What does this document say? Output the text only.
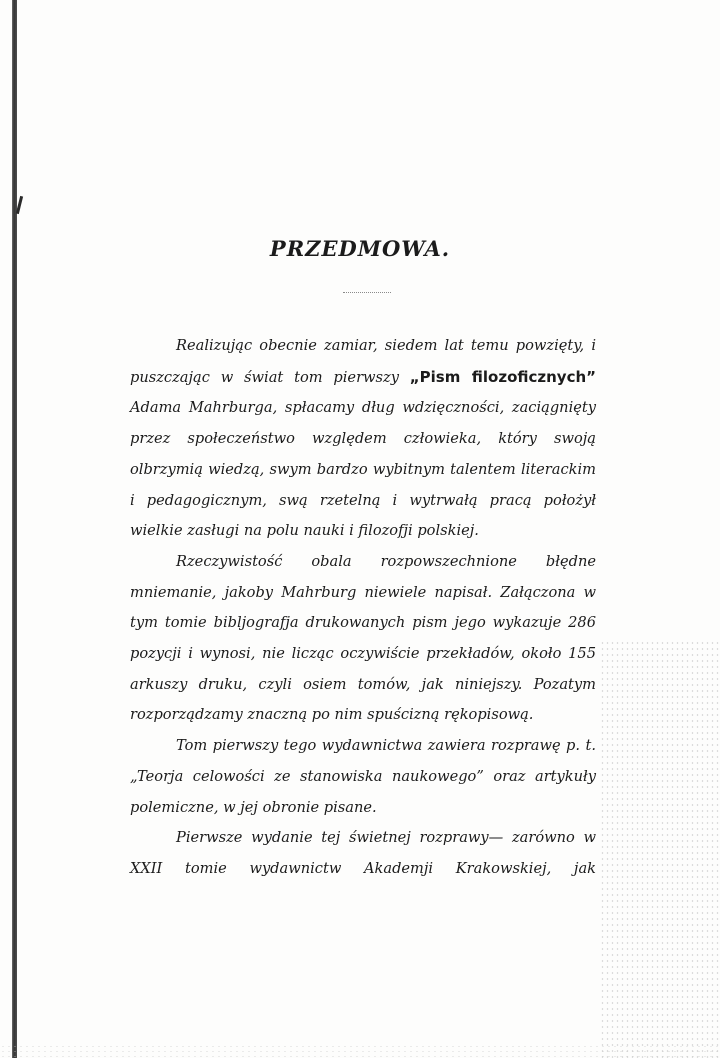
PRZEDMOWA.

Realizując obecnie zamiar, siedem lat temu powzięty, i puszczając w świat tom pierwszy „Pism filozoficznych” Adama Mahrburga, spłacamy dług wdzięczności, zaciągnięty przez społeczeństwo względem człowieka, który swoją olbrzymią wiedzą, swym bardzo wybitnym talentem literackim i pedagogicznym, swą rzetelną i wytrwałą pracą położył wielkie zasługi na polu nauki i filozofji polskiej.

Rzeczywistość obala rozpowszechnione błędne mniemanie, jakoby Mahrburg niewiele napisał. Załączona w tym tomie bibljografja drukowanych pism jego wykazuje 286 pozycji i wynosi, nie licząc oczywiście przekładów, około 155 arkuszy druku, czyli osiem tomów, jak niniejszy. Pozatym rozporządzamy znaczną po nim spuścizną rękopisową.

Tom pierwszy tego wydawnictwa zawiera rozprawę p. t. „Teorja celowości ze stanowiska naukowego” oraz artykuły polemiczne, w jej obronie pisane.

Pierwsze wydanie tej świetnej rozprawy— zarówno w XXII tomie wydawnictw Akademji Krakowskiej, jak
